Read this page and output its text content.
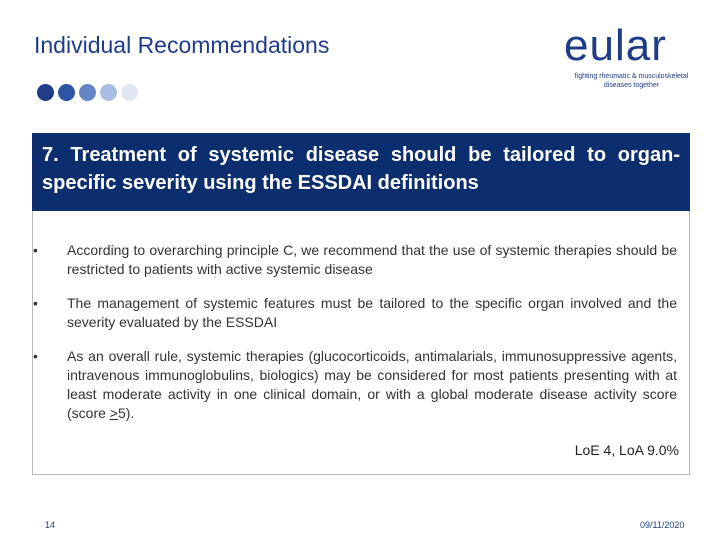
Individual Recommendations	eular
fighting rheumatic & musculoskeletal
diseases together
7. Treatment of systemic disease should be tailored to organ-specific severity using the ESSDAI definitions
•	According to overarching principle C, we recommend that the use of systemic therapies should be restricted to patients with active systemic disease
•	The management of systemic features must be tailored to the specific organ involved and the severity evaluated by the ESSDAI
•	As an overall rule, systemic therapies (glucocorticoids, antimalarials, immunosuppressive agents, intravenous immunoglobulins, biologics) may be considered for most patients presenting with at least moderate activity in one clinical domain, or with a global moderate disease activity score (score ≥5).
LoE 4, LoA 9.0%
14	09/11/2020
